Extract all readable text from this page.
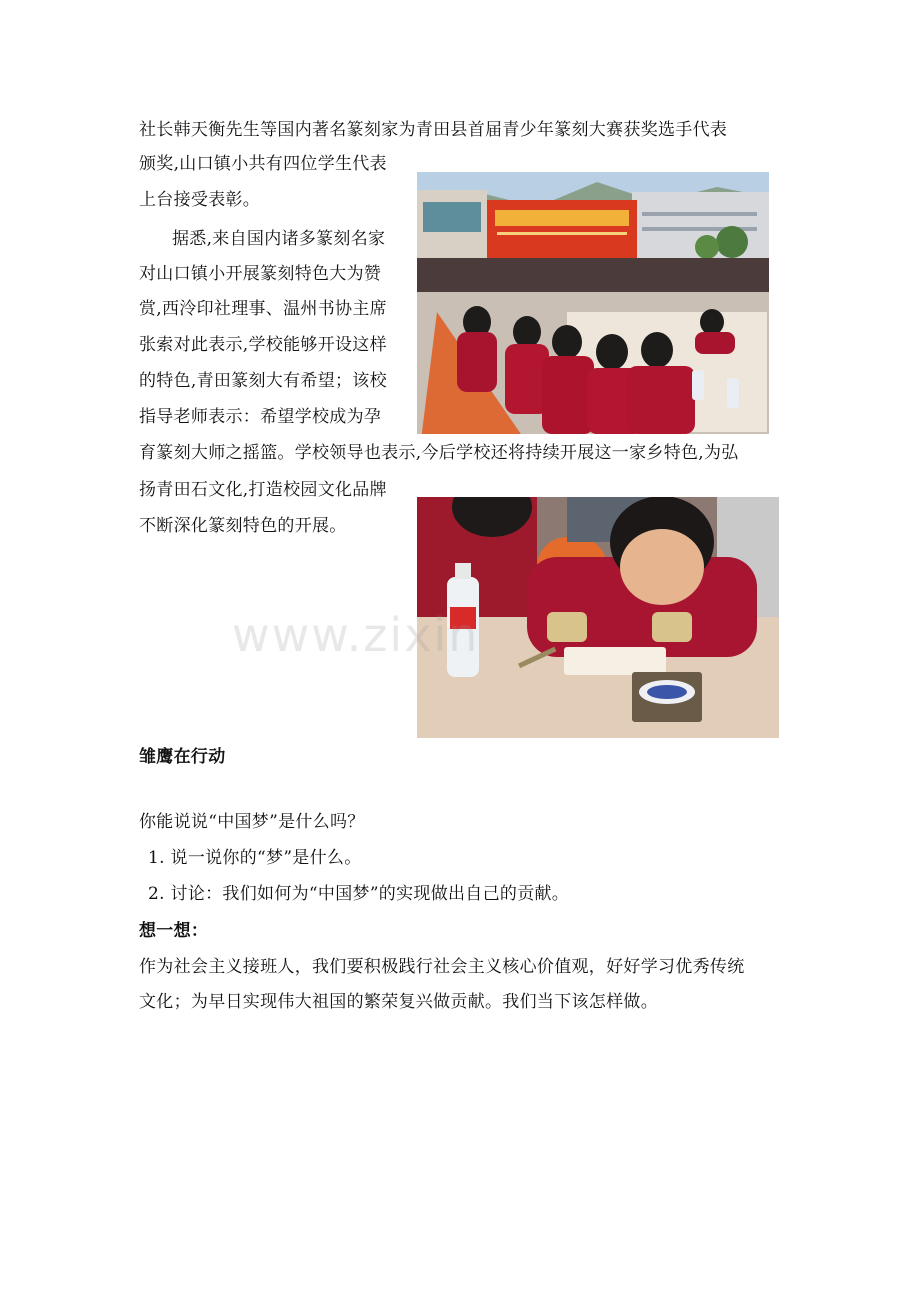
社长韩天衡先生等国内著名篆刻家为青田县首届青少年篆刻大赛获奖选手代表
颁奖,山口镇小共有四位学生代表
上台接受表彰。
据悉,来自国内诸多篆刻名家
对山口镇小开展篆刻特色大为赞
赏,西泠印社理事、温州书协主席
张索对此表示,学校能够开设这样
的特色,青田篆刻大有希望；该校
指导老师表示：希望学校成为孕
育篆刻大师之摇篮。学校领导也表示,今后学校还将持续开展这一家乡特色,为弘
扬青田石文化,打造校园文化品牌
不断深化篆刻特色的开展。
www.zixin
雏鹰在行动
你能说说“中国梦”是什么吗？
1. 说一说你的“梦”是什么。
2. 讨论：我们如何为“中国梦”的实现做出自己的贡献。
想一想：
作为社会主义接班人，我们要积极践行社会主义核心价值观，好好学习优秀传统
文化；为早日实现伟大祖国的繁荣复兴做贡献。我们当下该怎样做。
